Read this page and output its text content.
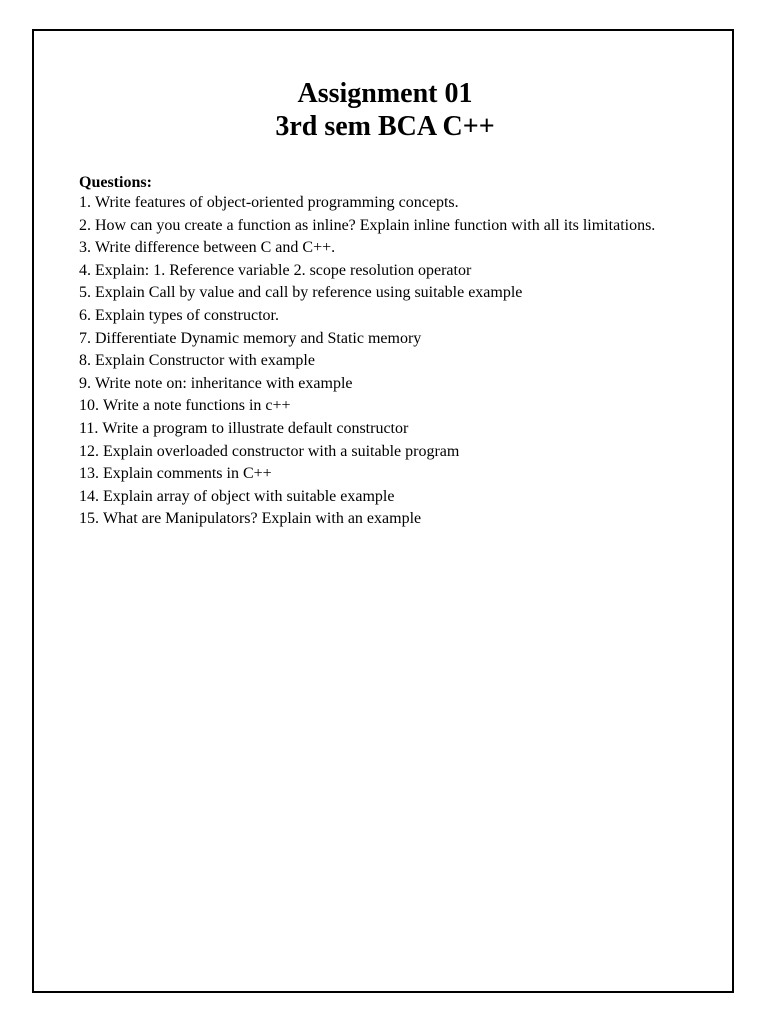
Assignment 01
3rd sem BCA C++
Questions:
1. Write features of object-oriented programming concepts.
2. How can you create a function as inline? Explain inline function with all its limitations.
3. Write difference between C and C++.
4. Explain: 1. Reference variable 2. scope resolution operator
5. Explain Call by value and call by reference using suitable example
6. Explain types of constructor.
7. Differentiate Dynamic memory and Static memory
8. Explain Constructor with example
9. Write note on: inheritance with example
10. Write a note functions in c++
11. Write a program to illustrate default constructor
12. Explain overloaded constructor with a suitable program
13. Explain comments in C++
14. Explain array of object with suitable example
15. What are Manipulators? Explain with an example
